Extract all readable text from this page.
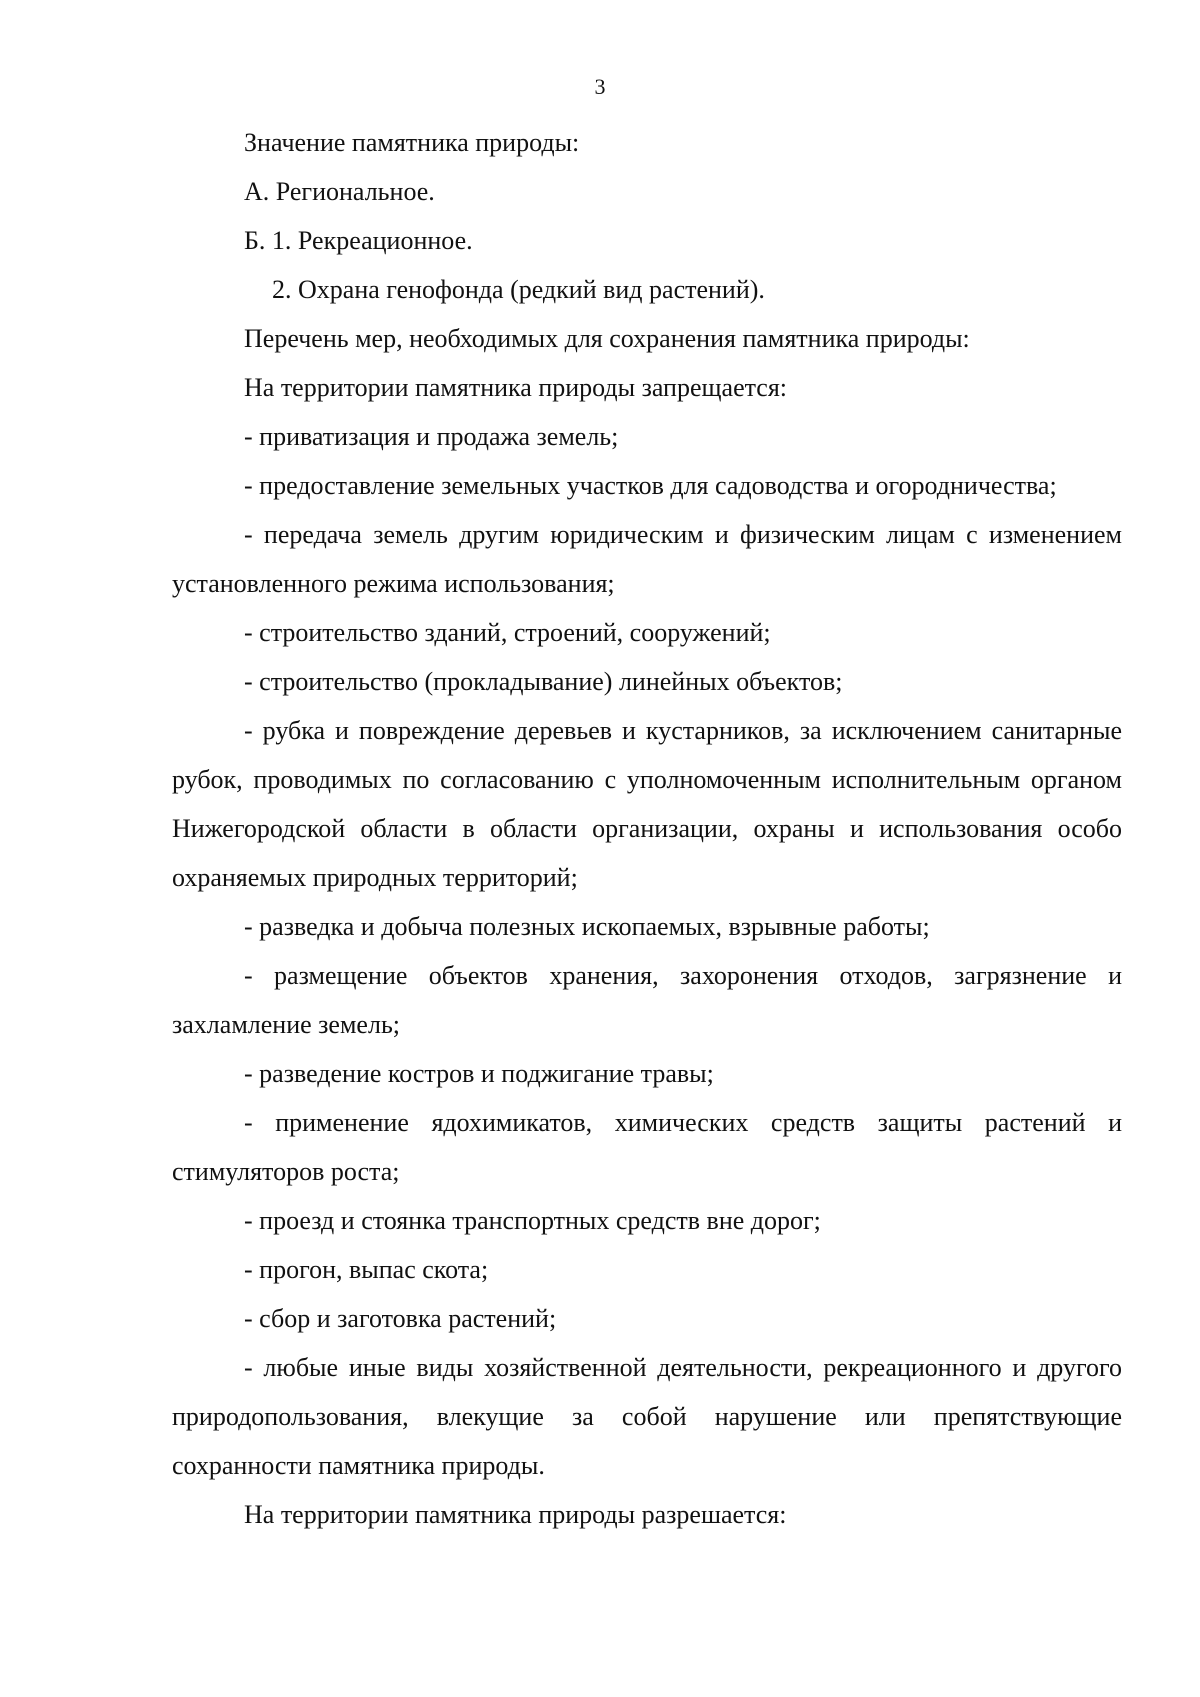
3

Значение памятника природы:

А. Региональное.

Б. 1. Рекреационное.

2. Охрана генофонда (редкий вид растений).

Перечень мер, необходимых для сохранения памятника природы:

На территории памятника природы запрещается:

- приватизация и продажа земель;

- предоставление земельных участков для садоводства и огородничества;

- передача земель другим юридическим и физическим лицам с изменением установленного режима использования;

- строительство зданий, строений, сооружений;

- строительство (прокладывание) линейных объектов;

- рубка и повреждение деревьев и кустарников, за исключением санитарные рубок, проводимых по согласованию с уполномоченным исполнительным органом Нижегородской области в области организации, охраны и использования особо охраняемых природных территорий;

- разведка и добыча полезных ископаемых, взрывные работы;

- размещение объектов хранения, захоронения отходов, загрязнение и захламление земель;

- разведение костров и поджигание травы;

- применение ядохимикатов, химических средств защиты растений и стимуляторов роста;

- проезд и стоянка транспортных средств вне дорог;

- прогон, выпас скота;

- сбор и заготовка растений;

- любые иные виды хозяйственной деятельности, рекреационного и другого природопользования, влекущие за собой нарушение или препятствующие сохранности памятника природы.

На территории памятника природы разрешается:
